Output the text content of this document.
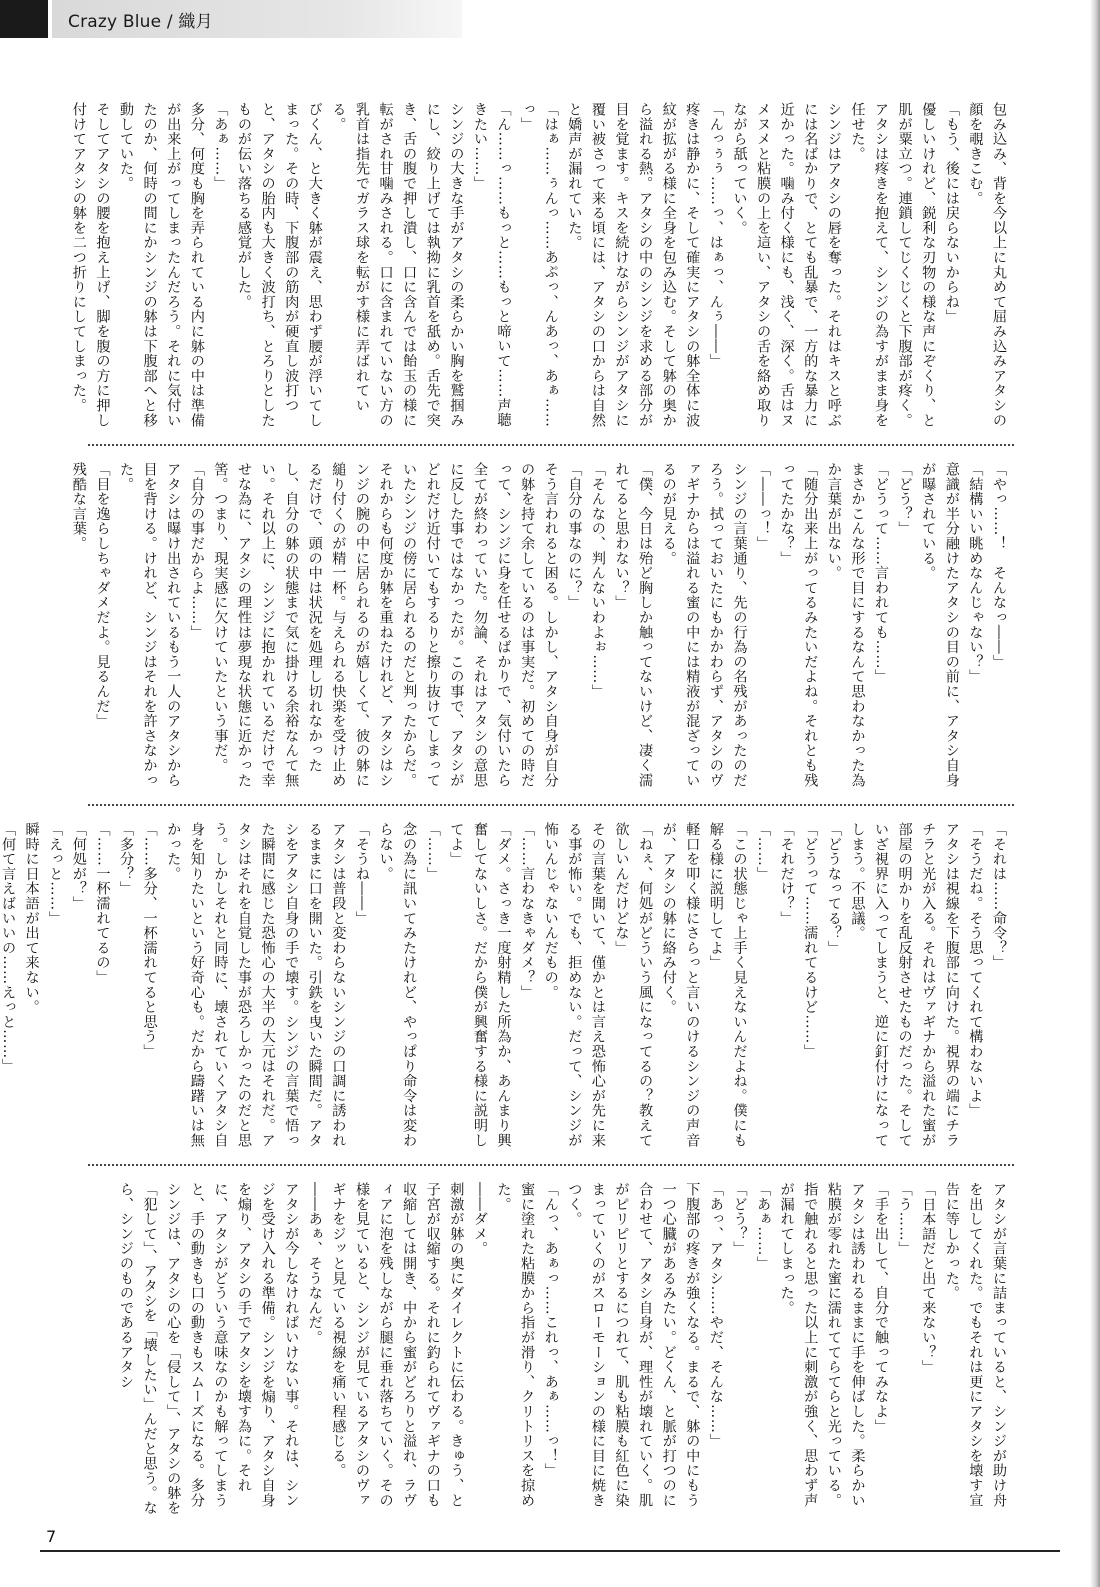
Crazy Blue / 織月

包み込み、背を今以上に丸めて屈み込みアタシの顔を覗きこむ。

「もう、後には戻らないからね」

優しいけれど、鋭利な刃物の様な声にぞくり、と肌が粟立つ。連鎖してじくじくと下腹部が疼く。アタシは疼きを抱えて、シンジの為すがまま身を任せた。

シンジはアタシの唇を奪った。それはキスと呼ぶには名ばかりで、とても乱暴で、一方的な暴力に近かった。噛み付く様にも、浅く、深く。舌はヌメヌメと粘膜の上を這い、アタシの舌を絡め取りながら舐っていく。

「んっぅぅ……っ、はぁっ、んぅ――」

疼きは静かに、そして確実にアタシの躰全体に波紋が拡がる様に全身を包み込む。そして躰の奥から溢れる熱。アタシの中のシンジを求める部分が目を覚ます。キスを続けながらシンジがアタシに覆い被さって来る頃には、アタシの口からは自然と嬌声が漏れていた。

「はぁ……ぅんっ……あぷっ、んあっ、あぁ……っ」

「ん……っ……もっと……もっと啼いて……声聴きたい……」

シンジの大きな手がアタシの柔らかい胸を鷲掴みにし、絞り上げては執拗に乳首を舐め。舌先で突き、舌の腹で押し潰し、口に含んでは飴玉の様に転がされ甘噛みされる。口に含まれていない方の乳首は指先でガラス球を転がす様に弄ばれている。

びくん、と大きく躰が震え、思わず腰が浮いてしまった。その時、下腹部の筋肉が硬直し波打つと、アタシの胎内も大きく波打ち、とろりとしたものが伝い落ちる感覚がした。

「あぁ……」

多分、何度も胸を弄られている内に躰の中は準備が出来上がってしまったんだろう。それに気付いたのか、何時の間にかシンジの躰は下腹部へと移動していた。

そしてアタシの腰を抱え上げ、脚を腹の方に押し付けてアタシの躰を二つ折りにしてしまった。

「やっ……！　そんなっ――」

「結構いい眺めなんじゃない？」

意識が半分融けたアタシの目の前に、アタシ自身が曝されている。

「どう？」

「どうって……言われても……」

まさかこんな形で目にするなんて思わなかった為か言葉が出ない。

「随分出来上がってるみたいだよね。それとも残ってたかな？」

「――っ！」

シンジの言葉通り、先の行為の名残があったのだろう。拭っておいたにもかかわらず、アタシのヴァギナからは溢れる蜜の中には精液が混ざっているのが見える。

「僕、今日は殆ど胸しか触ってないけど、凄く濡れてると思わない？」

「そんなの、判んないわよぉ……」

「自分の事なのに？」

そう言われると困る。しかし、アタシ自身が自分の躰を持て余しているのは事実だ。初めての時だって、シンジに身を任せるばかりで、気付いたら全てが終わっていた。勿論、それはアタシの意思に反した事ではなかったが。この事で、アタシがどれだけ近付いてもするりと擦り抜けてしまっていたシンジの傍に居られるのだと判ったからだ。それからも何度か躰を重ねたけれど、アタシはシンジの腕の中に居られるのが嬉しくて、彼の躰に縋り付くのが精一杯。与えられる快楽を受け止めるだけで、頭の中は状況を処理し切れなかったし、自分の躰の状態まで気に掛ける余裕なんて無い。それ以上に、シンジに抱かれているだけで幸せな為に、アタシの理性は夢現な状態に近かった筈。つまり、現実感に欠けていたという事だ。

「自分の事だからよ……」

アタシは曝け出されているもう一人のアタシから目を背ける。けれど、シンジはそれを許さなかった。

「目を逸らしちゃダメだよ。見るんだ」

残酷な言葉。

「それは……命令？」

「そうだね。そう思ってくれて構わないよ」

アタシは視線を下腹部に向けた。視界の端にチラチラと光が入る。それはヴァギナから溢れた蜜が部屋の明かりを乱反射させたものだった。そしていざ視界に入ってしまうと、逆に釘付けになってしまう。不思議。

「どうなってる？」

「どうって……濡れてるけど……」

「それだけ？」

「……」

「この状態じゃ上手く見えないんだよね。僕にも解る様に説明してよ」

軽口を叩く様にさらっと言いのけるシンジの声音が、アタシの躰に絡み付く。

「ねぇ、何処がどういう風になってるの？教えて欲しいんだけどな」

その言葉を聞いて、僅かとは言え恐怖心が先に来る事が怖い。でも、拒めない。だって、シンジが怖いんじゃないんだもの。

「……言わなきゃダメ？」

「ダメ。さっき一度射精した所為か、あんまり興奮してないしさ。だから僕が興奮する様に説明してよ」

「……」

念の為に訊いてみたけれど、やっぱり命令は変わらない。

「そうね――」

アタシは普段と変わらないシンジの口調に誘われるままに口を開いた。引鉄を曳いた瞬間だ。アタシをアタシ自身の手で壊す。シンジの言葉で悟った瞬間に感じた恐怖心の大半の大元はそれだ。アタシはそれを自覚した事が恐ろしかったのだと思う。しかしそれと同時に、壊されていくアタシ自身を知りたいという好奇心も。だから躊躇いは無かった。

「……多分、一杯濡れてると思う」

「多分？」

「……一杯濡れてるの」

「何処が？」

「えっと……」

瞬時に日本語が出て来ない。

「何て言えばいいの……えっと……」

アタシが言葉に詰まっていると、シンジが助け舟を出してくれた。でもそれは更にアタシを壊す宣告に等しかった。

「日本語だと出て来ない？」

「う……」

「手を出して、自分で触ってみなよ」

アタシは誘われるままに手を伸ばした。柔らかい粘膜が零れた蜜に濡れててらてらと光っている。指で触れると思った以上に刺激が強く、思わず声が漏れてしまった。

「あぁ……」

「どう？」

「あっ、アタシ……やだ、そんな……」

下腹部の疼きが強くなる。まるで、躰の中にもう一つ心臓があるみたい。どくん、と脈が打つのに合わせて、アタシ自身が、理性が壊れていく。肌がピリピリとするにつれて、肌も粘膜も紅色に染まっていくのがスローモーションの様に目に焼きつく。

「んっ、あぁっ……これっ、あぁ……っ！」

蜜に塗れた粘膜から指が滑り、クリトリスを掠めた。

――ダメ。

刺激が躰の奥にダイレクトに伝わる。きゅう、と子宮が収縮する。それに釣られてヴァギナの口も収縮しては開き、中から蜜がどろりと溢れ、ラヴィアに泡を残しながら腿に垂れ落ちていく。その様を見ていると、シンジが見ているアタシのヴァギナをジッと見ている視線を痛い程感じる。

――あぁ、そうなんだ。

アタシが今しなければいけない事。それは、シンジを受け入れる準備。シンジを煽り、アタシ自身を煽り、アタシの手でアタシを壊す為に。それに、アタシがどういう意味なのかも解ってしまうと、手の動きも口の動きもスムーズになる。多分シンジは、アタシの心を「侵して」、アタシの躰を「犯して」、アタシを「壊したい」んだと思う。なら、シンジのものであるアタシ

7
